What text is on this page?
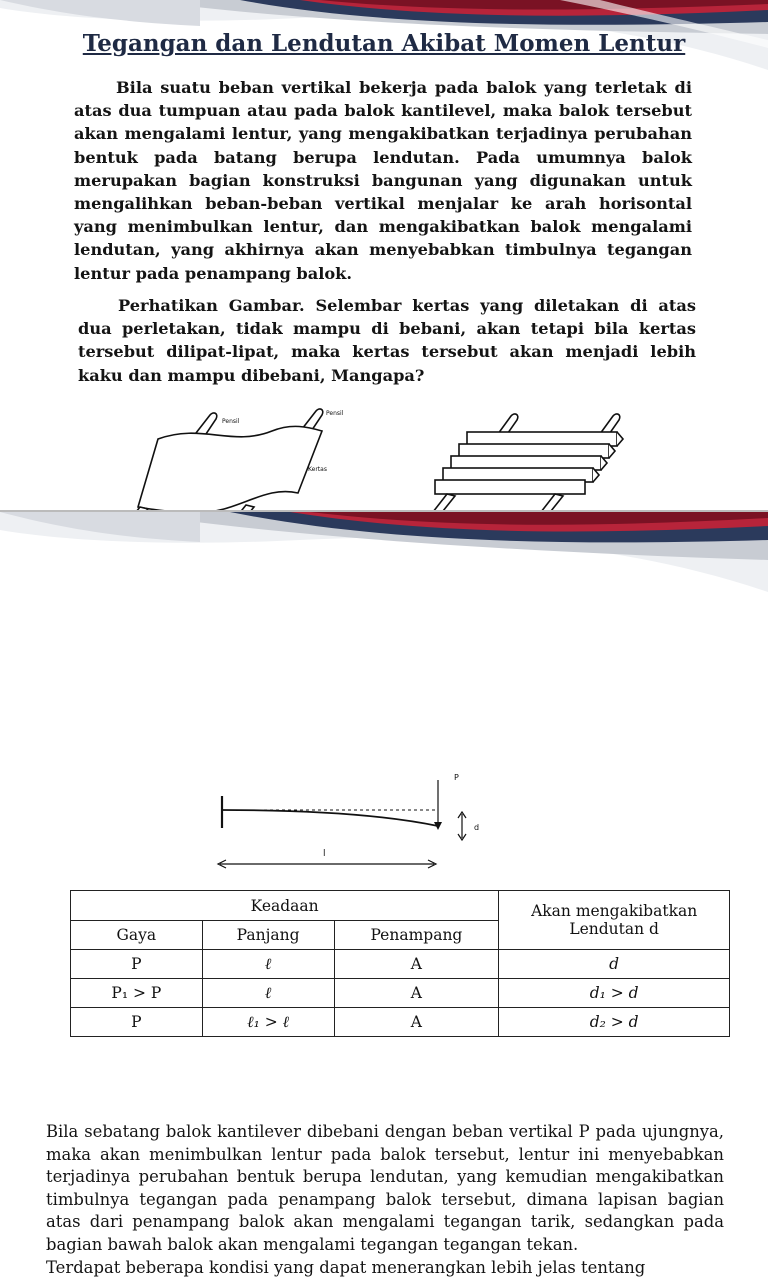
Tegangan dan Lendutan Akibat Momen Lentur

Bila suatu beban vertikal bekerja pada balok yang terletak di atas dua tumpuan atau pada balok kantilevel, maka balok tersebut akan mengalami lentur, yang mengakibatkan terjadinya perubahan bentuk pada batang berupa lendutan. Pada umumnya balok merupakan bagian konstruksi bangunan yang digunakan untuk mengalihkan beban-beban vertikal menjalar ke arah horisontal yang menimbulkan lentur, dan mengakibatkan balok mengalami lendutan, yang akhirnya akan menyebabkan timbulnya tegangan lentur pada penampang balok.

Perhatikan Gambar. Selembar kertas yang diletakan di atas dua perletakan, tidak mampu di bebani, akan tetapi bila kertas tersebut dilipat-lipat, maka kertas tersebut akan menjadi lebih kaku dan mampu dibebani, Mangapa?

Pensil
Pensil
Kertas

Bila sebatang balok kantilever dibebani dengan beban vertikal P pada ujungnya, maka akan menimbulkan lentur pada balok tersebut, lentur ini menyebabkan terjadinya perubahan bentuk berupa lendutan, yang kemudian mengakibatkan timbulnya tegangan pada penampang balok tersebut, dimana lapisan bagian atas dari penampang balok akan mengalami tegangan tarik, sedangkan pada bagian bawah balok akan mengalami tegangan tegangan tekan.
Terdapat beberapa kondisi yang dapat menerangkan lebih jelas tentang

P
d
l
Keadaan			Akan mengakibatkan Lendutan d
Gaya	Panjang	Penampang	
P	ℓ	A	d
P₁ > P	ℓ	A	d₁ > d
P	ℓ₁ > ℓ	A	d₂ > d
